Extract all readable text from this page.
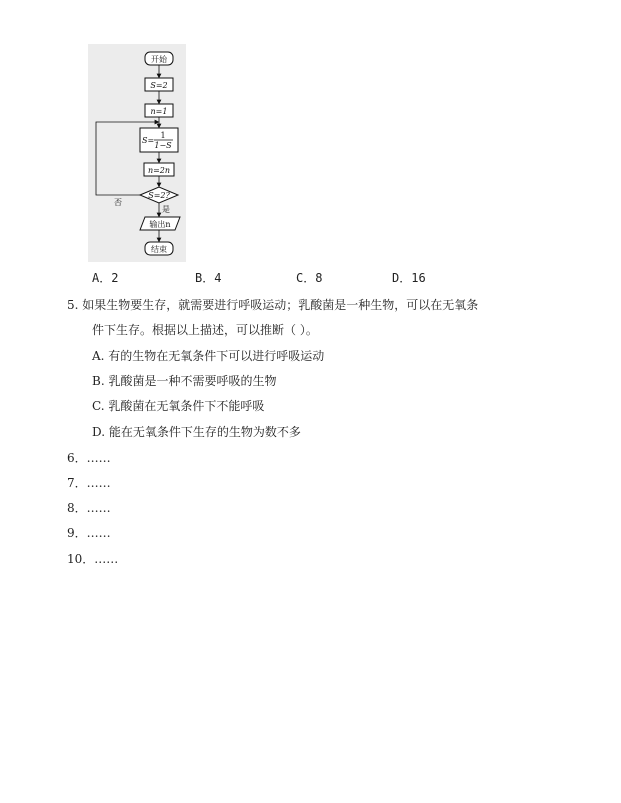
开始
S=2
n=1
S=
1
1−S
n=2n
S=2?
否
是
输出n
结束
A．2	B．4	C．8	D．16
5. 如果生物要生存，就需要进行呼吸运动；乳酸菌是一种生物，可以在无氧条
件下生存。根据以上描述，可以推断（ ）。
A. 有的生物在无氧条件下可以进行呼吸运动
B. 乳酸菌是一种不需要呼吸的生物
C. 乳酸菌在无氧条件下不能呼吸
D. 能在无氧条件下生存的生物为数不多
6．……
7．……
8．……
9．……
10．……
